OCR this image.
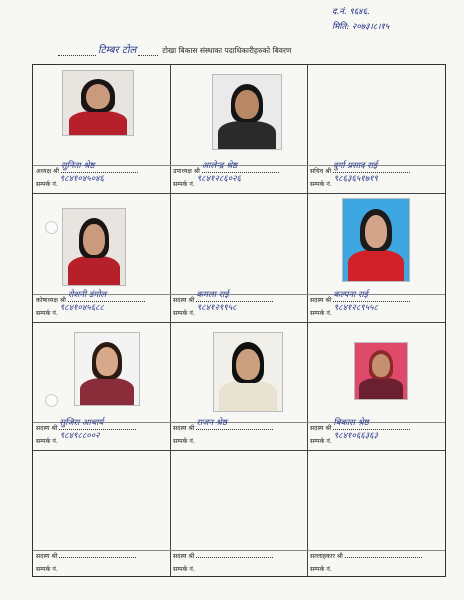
द.नं. ९६४६.
मिति: २०७३।८।१५
टिम्बर टोल	टोखा बिकास संस्थाका पदाधिकारीहरुको बिवरण
अध्यक्ष श्री
सुनिता श्रेष्ठ
सम्पर्क नं.
९८४१०४५०४६
उपाध्यक्ष श्री
आलेन्द्र श्रेष्ठ
सम्पर्क नं.
९८४१२८६०२६
सचिव श्री
दुर्गा प्रसाद राई
सम्पर्क नं.
९८६३६५१७१९
कोषाध्यक्ष श्री
रोशनी डंगोल
सम्पर्क नं.
९८४१०४५६८८
सदस्य श्री
कमला राई
सम्पर्क नं.
९८४१२९९५८
सदस्य श्री
कल्पना राई
सम्पर्क नं.
९८४१२८९५५८
सदस्य श्री
सुजिरा आचार्य
सम्पर्क नं.
९८४९८८००२
सदस्य श्री
राजन श्रेष्ठ
सम्पर्क नं.
सदस्य श्री
बिकास श्रेष्ठ
सम्पर्क नं.
९८४१०६६३६३
सदस्य श्री
सम्पर्क नं.
सदस्य श्री
सम्पर्क नं.
सल्लाहकार श्री
सम्पर्क नं.
